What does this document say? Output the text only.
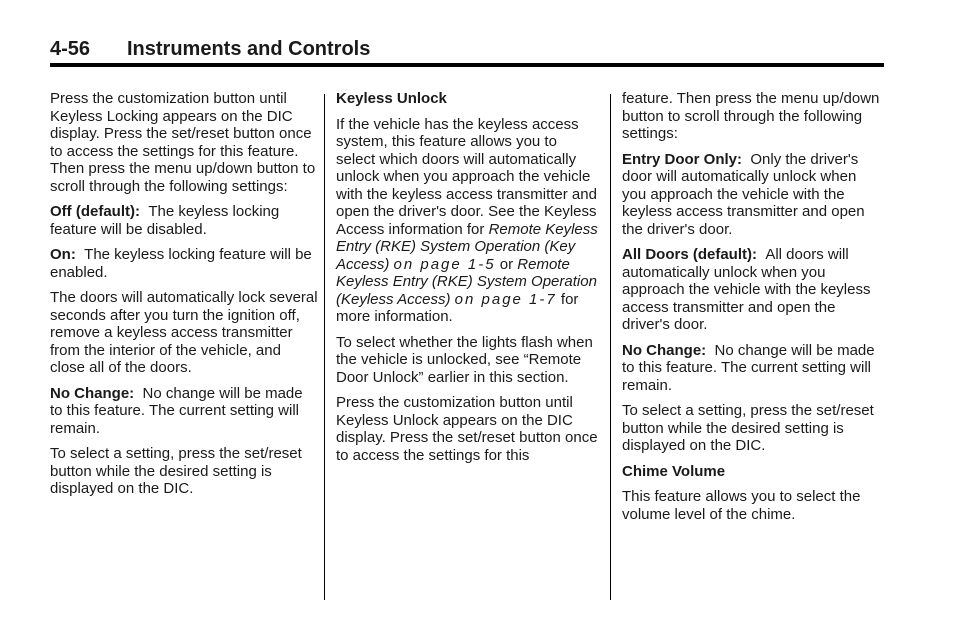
4-56 Instruments and Controls

Press the customization button until Keyless Locking appears on the DIC display. Press the set/reset button once to access the settings for this feature. Then press the menu up/down button to scroll through the following settings:

Off (default): The keyless locking feature will be disabled.

On: The keyless locking feature will be enabled.

The doors will automatically lock several seconds after you turn the ignition off, remove a keyless access transmitter from the interior of the vehicle, and close all of the doors.

No Change: No change will be made to this feature. The current setting will remain.

To select a setting, press the set/reset button while the desired setting is displayed on the DIC.

Keyless Unlock

If the vehicle has the keyless access system, this feature allows you to select which doors will automatically unlock when you approach the vehicle with the keyless access transmitter and open the driver's door. See the Keyless Access information for Remote Keyless Entry (RKE) System Operation (Key Access) on page 1-5 or Remote Keyless Entry (RKE) System Operation (Keyless Access) on page 1-7 for more information.

To select whether the lights flash when the vehicle is unlocked, see “Remote Door Unlock” earlier in this section.

Press the customization button until Keyless Unlock appears on the DIC display. Press the set/reset button once to access the settings for this

feature. Then press the menu up/down button to scroll through the following settings:

Entry Door Only: Only the driver's door will automatically unlock when you approach the vehicle with the keyless access transmitter and open the driver's door.

All Doors (default): All doors will automatically unlock when you approach the vehicle with the keyless access transmitter and open the driver's door.

No Change: No change will be made to this feature. The current setting will remain.

To select a setting, press the set/reset button while the desired setting is displayed on the DIC.

Chime Volume

This feature allows you to select the volume level of the chime.
